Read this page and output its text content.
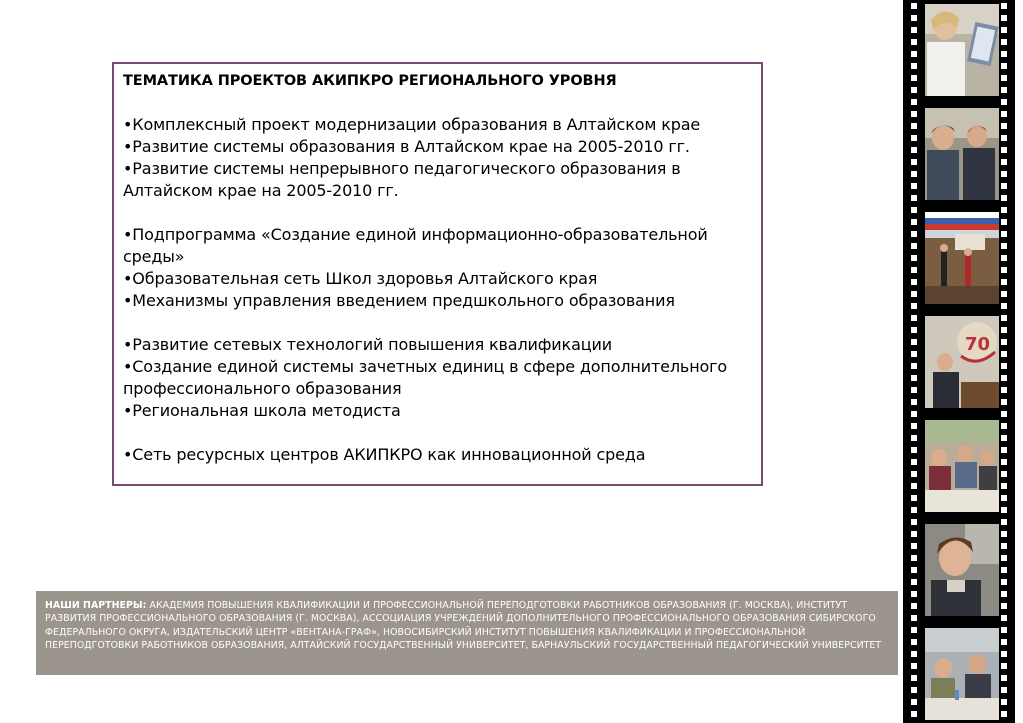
ТЕМАТИКА ПРОЕКТОВ АКИПКРО РЕГИОНАЛЬНОГО УРОВНЯ
•Комплексный проект модернизации образования в Алтайском крае
•Развитие системы образования в Алтайском крае на 2005-2010 гг.
•Развитие системы непрерывного педагогического образования в Алтайском крае на 2005-2010 гг.
•Подпрограмма «Создание единой информационно-образовательной среды»
•Образовательная сеть Школ здоровья Алтайского края
•Механизмы управления введением предшкольного образования
•Развитие сетевых технологий повышения квалификации
•Создание единой системы зачетных единиц в сфере дополнительного профессионального образования
•Региональная школа методиста
•Сеть ресурсных центров АКИПКРО как инновационной среда
НАШИ ПАРТНЕРЫ: АКАДЕМИЯ ПОВЫШЕНИЯ КВАЛИФИКАЦИИ И ПРОФЕССИОНАЛЬНОЙ ПЕРЕПОДГОТОВКИ РАБОТНИКОВ ОБРАЗОВАНИЯ (Г. МОСКВА), ИНСТИТУТ РАЗВИТИЯ ПРОФЕССИОНАЛЬНОГО ОБРАЗОВАНИЯ (Г. МОСКВА), АССОЦИАЦИЯ УЧРЕЖДЕНИЙ ДОПОЛНИТЕЛЬНОГО ПРОФЕССИОНАЛЬНОГО ОБРАЗОВАНИЯ СИБИРСКОГО ФЕДЕРАЛЬНОГО ОКРУГА, ИЗДАТЕЛЬСКИЙ ЦЕНТР «ВЕНТАНА-ГРАФ», НОВОСИБИРСКИЙ ИНСТИТУТ ПОВЫШЕНИЯ КВАЛИФИКАЦИИ И ПРОФЕССИОНАЛЬНОЙ ПЕРЕПОДГОТОВКИ РАБОТНИКОВ ОБРАЗОВАНИЯ, АЛТАЙСКИЙ ГОСУДАРСТВЕННЫЙ УНИВЕРСИТЕТ, БАРНАУЛЬСКИЙ ГОСУДАРСТВЕННЫЙ ПЕДАГОГИЧЕСКИЙ УНИВЕРСИТЕТ
70
